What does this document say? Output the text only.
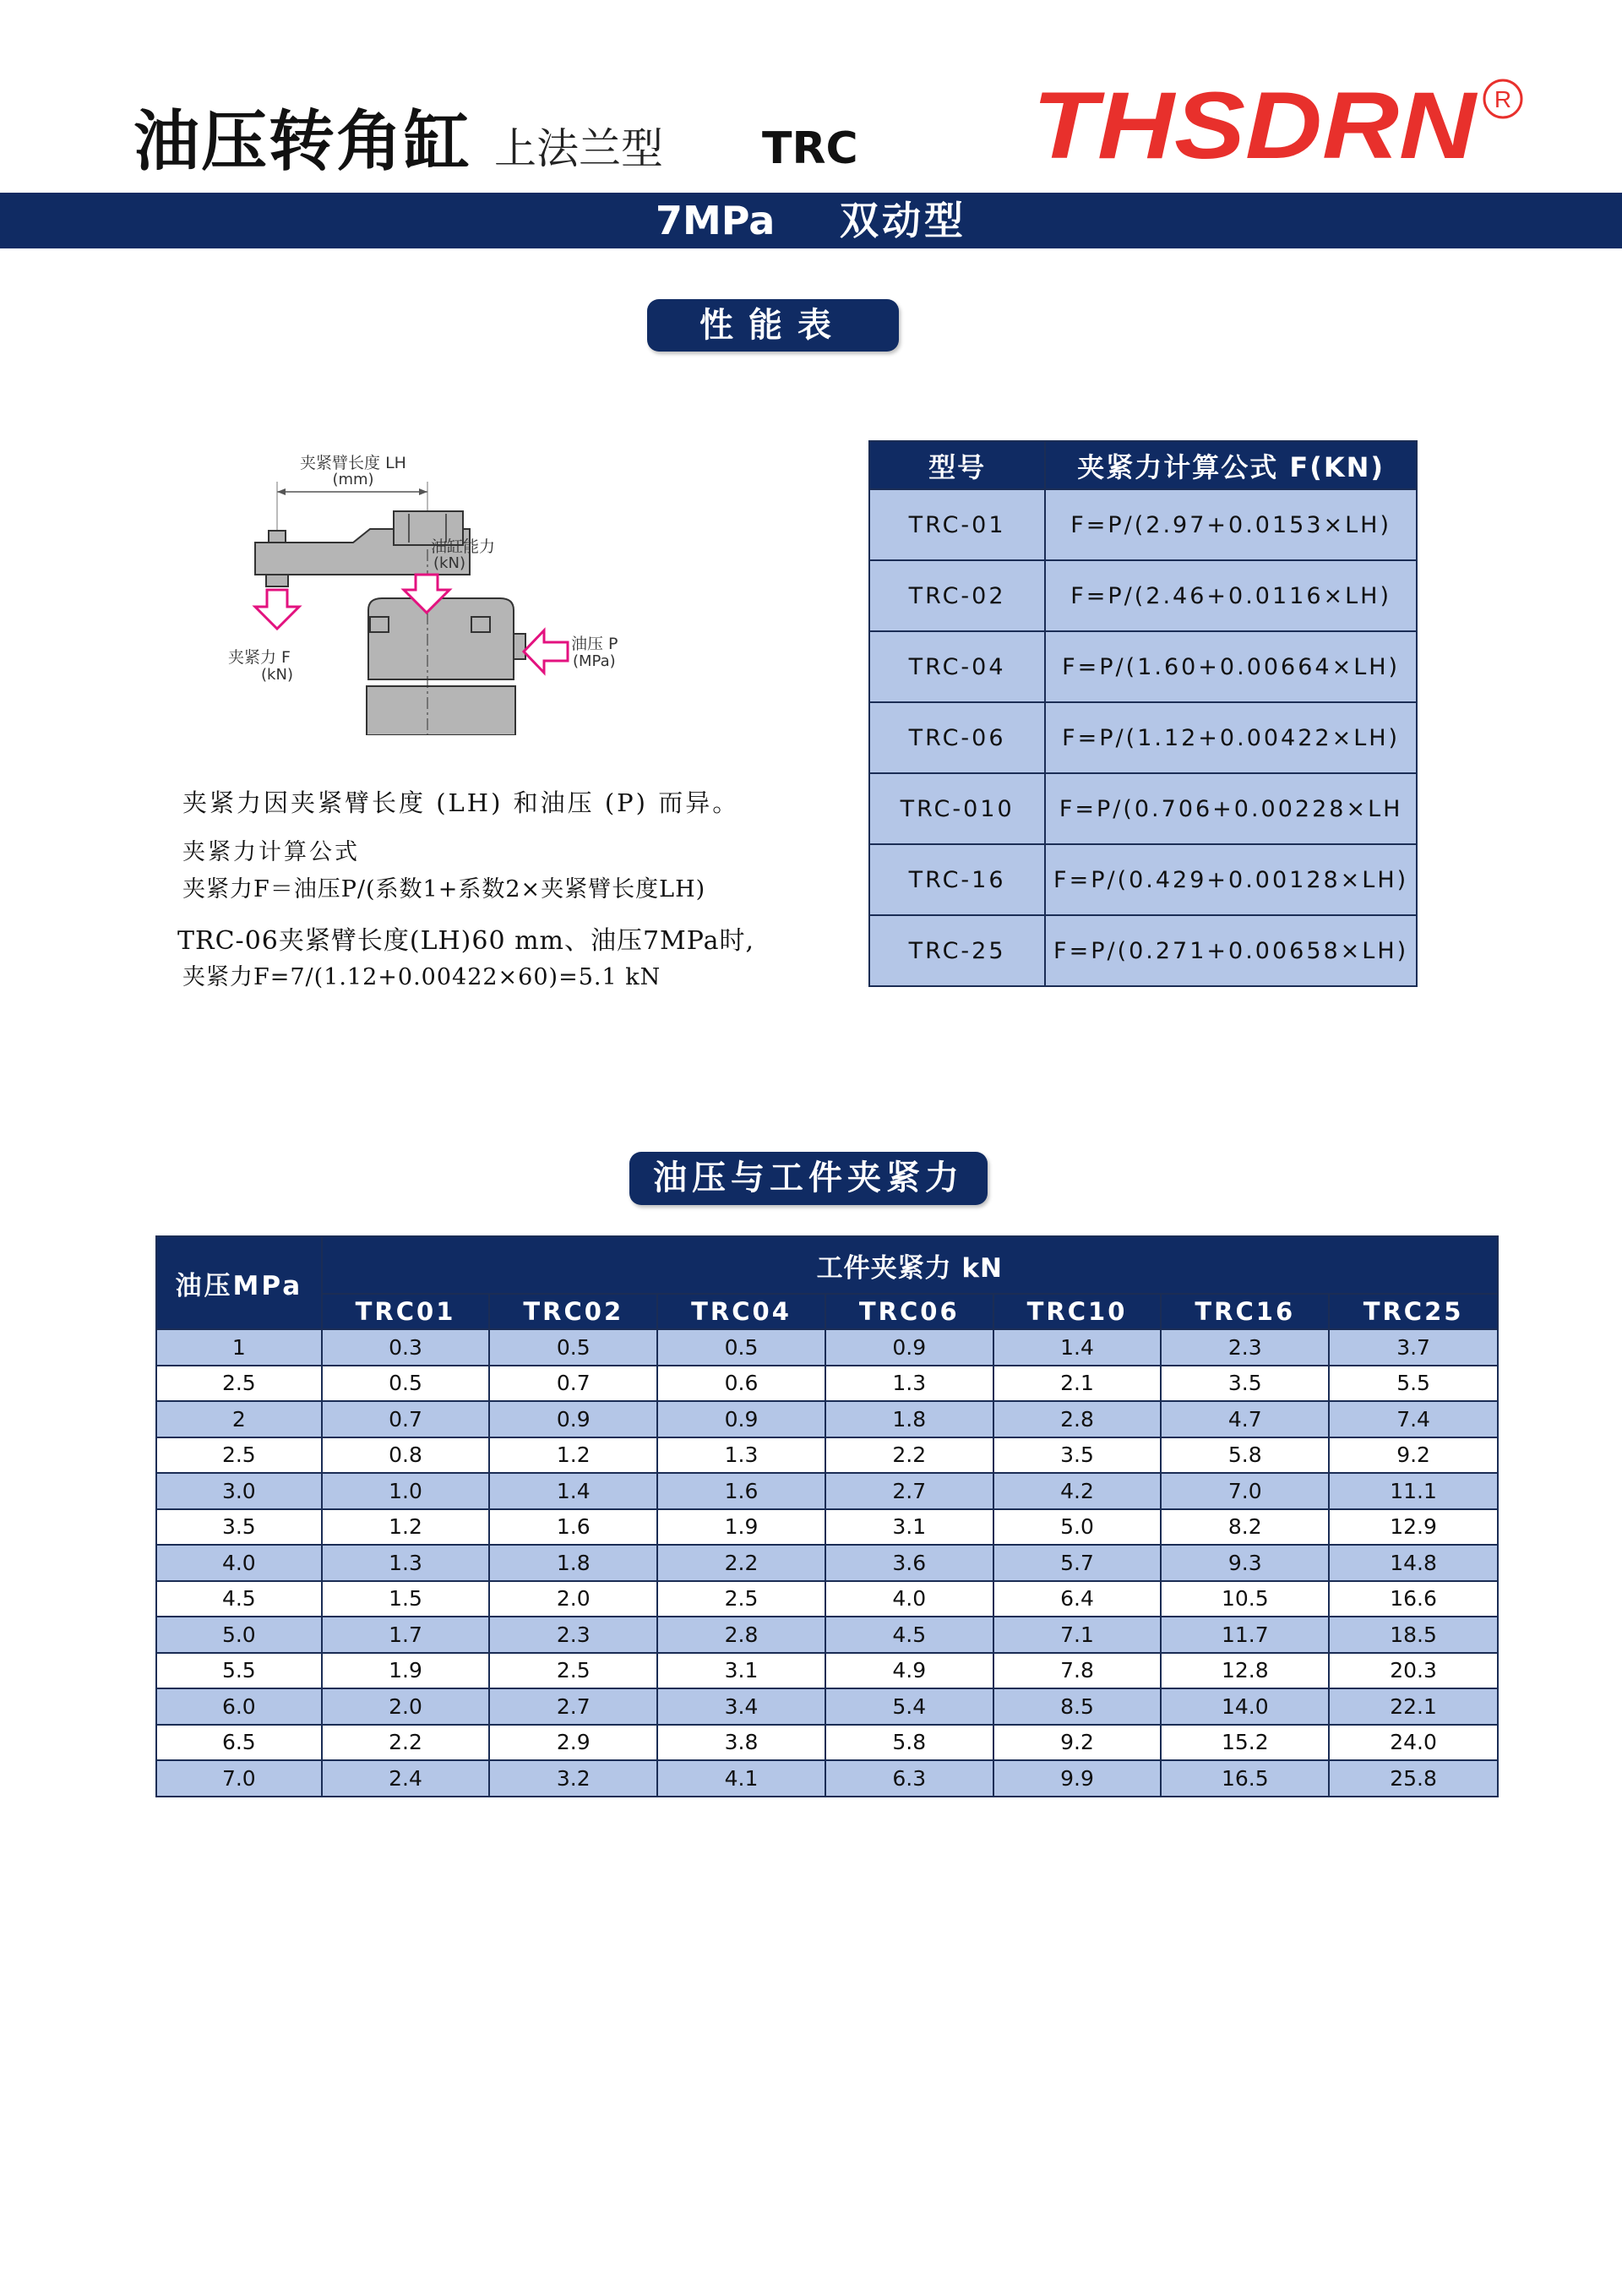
油压转角缸 上法兰型 TRC THSDRN R
7MPa 双动型
性能表
夹紧臂长度 LH
(mm)
油缸能力
(kN)
夹紧力 F
(kN)
油压 P
(MPa)
夹紧力因夹紧臂长度 (LH) 和油压 (P) 而异。
夹紧力计算公式
夹紧力F＝油压P/(系数1+系数2×夹紧臂长度LH)
TRC-06夹紧臂长度(LH)60 mm、油压7MPa时,
夹紧力F=7/(1.12+0.00422×60)=5.1 kN
型号	夹紧力计算公式 F(KN)
TRC-01	F=P/(2.97+0.0153×LH)
TRC-02	F=P/(2.46+0.0116×LH)
TRC-04	F=P/(1.60+0.00664×LH)
TRC-06	F=P/(1.12+0.00422×LH)
TRC-010	F=P/(0.706+0.00228×LH
TRC-16	F=P/(0.429+0.00128×LH)
TRC-25	F=P/(0.271+0.00658×LH)
油压与工件夹紧力
油压MPa	工件夹紧力 kN						
	TRC01	TRC02	TRC04	TRC06	TRC10	TRC16	TRC25
1	0.3	0.5	0.5	0.9	1.4	2.3	3.7
2.5	0.5	0.7	0.6	1.3	2.1	3.5	5.5
2	0.7	0.9	0.9	1.8	2.8	4.7	7.4
2.5	0.8	1.2	1.3	2.2	3.5	5.8	9.2
3.0	1.0	1.4	1.6	2.7	4.2	7.0	11.1
3.5	1.2	1.6	1.9	3.1	5.0	8.2	12.9
4.0	1.3	1.8	2.2	3.6	5.7	9.3	14.8
4.5	1.5	2.0	2.5	4.0	6.4	10.5	16.6
5.0	1.7	2.3	2.8	4.5	7.1	11.7	18.5
5.5	1.9	2.5	3.1	4.9	7.8	12.8	20.3
6.0	2.0	2.7	3.4	5.4	8.5	14.0	22.1
6.5	2.2	2.9	3.8	5.8	9.2	15.2	24.0
7.0	2.4	3.2	4.1	6.3	9.9	16.5	25.8
